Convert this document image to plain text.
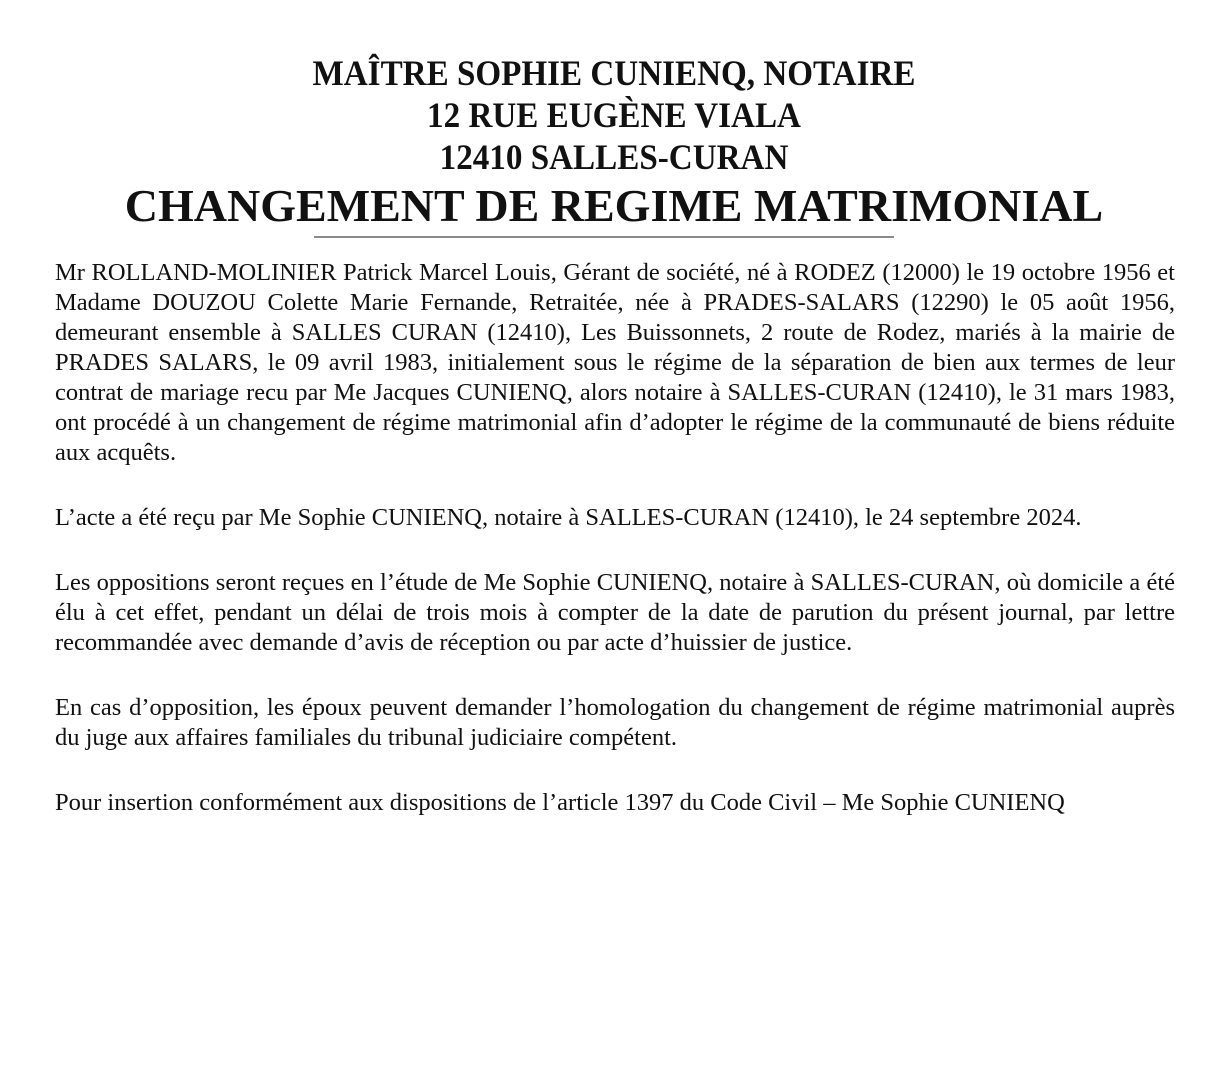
MAÎTRE SOPHIE CUNIENQ, NOTAIRE
12 RUE EUGÈNE VIALA
12410 SALLES-CURAN
CHANGEMENT DE REGIME MATRIMONIAL

Mr ROLLAND-MOLINIER Patrick Marcel Louis, Gérant de société, né à RODEZ (12000) le 19 octobre 1956 et Madame DOUZOU Colette Marie Fernande, Retraitée, née à PRADES-SALARS (12290) le 05 août 1956, demeurant ensemble à SALLES CURAN (12410), Les Buissonnets, 2 route de Rodez, mariés à la mairie de PRADES SALARS, le 09 avril 1983, initialement sous le régime de la séparation de bien aux termes de leur contrat de mariage recu par Me Jacques CUNIENQ, alors notaire à SALLES-CURAN (12410), le 31 mars 1983, ont procédé à un changement de régime matrimonial afin d’adopter le régime de la communauté de biens réduite aux acquêts.

L’acte a été reçu par Me Sophie CUNIENQ, notaire à SALLES-CURAN (12410), le 24 septembre 2024.

Les oppositions seront reçues en l’étude de Me Sophie CUNIENQ, notaire à SALLES-CURAN, où domicile a été élu à cet effet, pendant un délai de trois mois à compter de la date de parution du présent journal, par lettre recommandée avec demande d’avis de réception ou par acte d’huissier de justice.

En cas d’opposition, les époux peuvent demander l’homologation du changement de régime matrimonial auprès du juge aux affaires familiales du tribunal judiciaire compétent.

Pour insertion conformément aux dispositions de l’article 1397 du Code Civil – Me Sophie CUNIENQ
